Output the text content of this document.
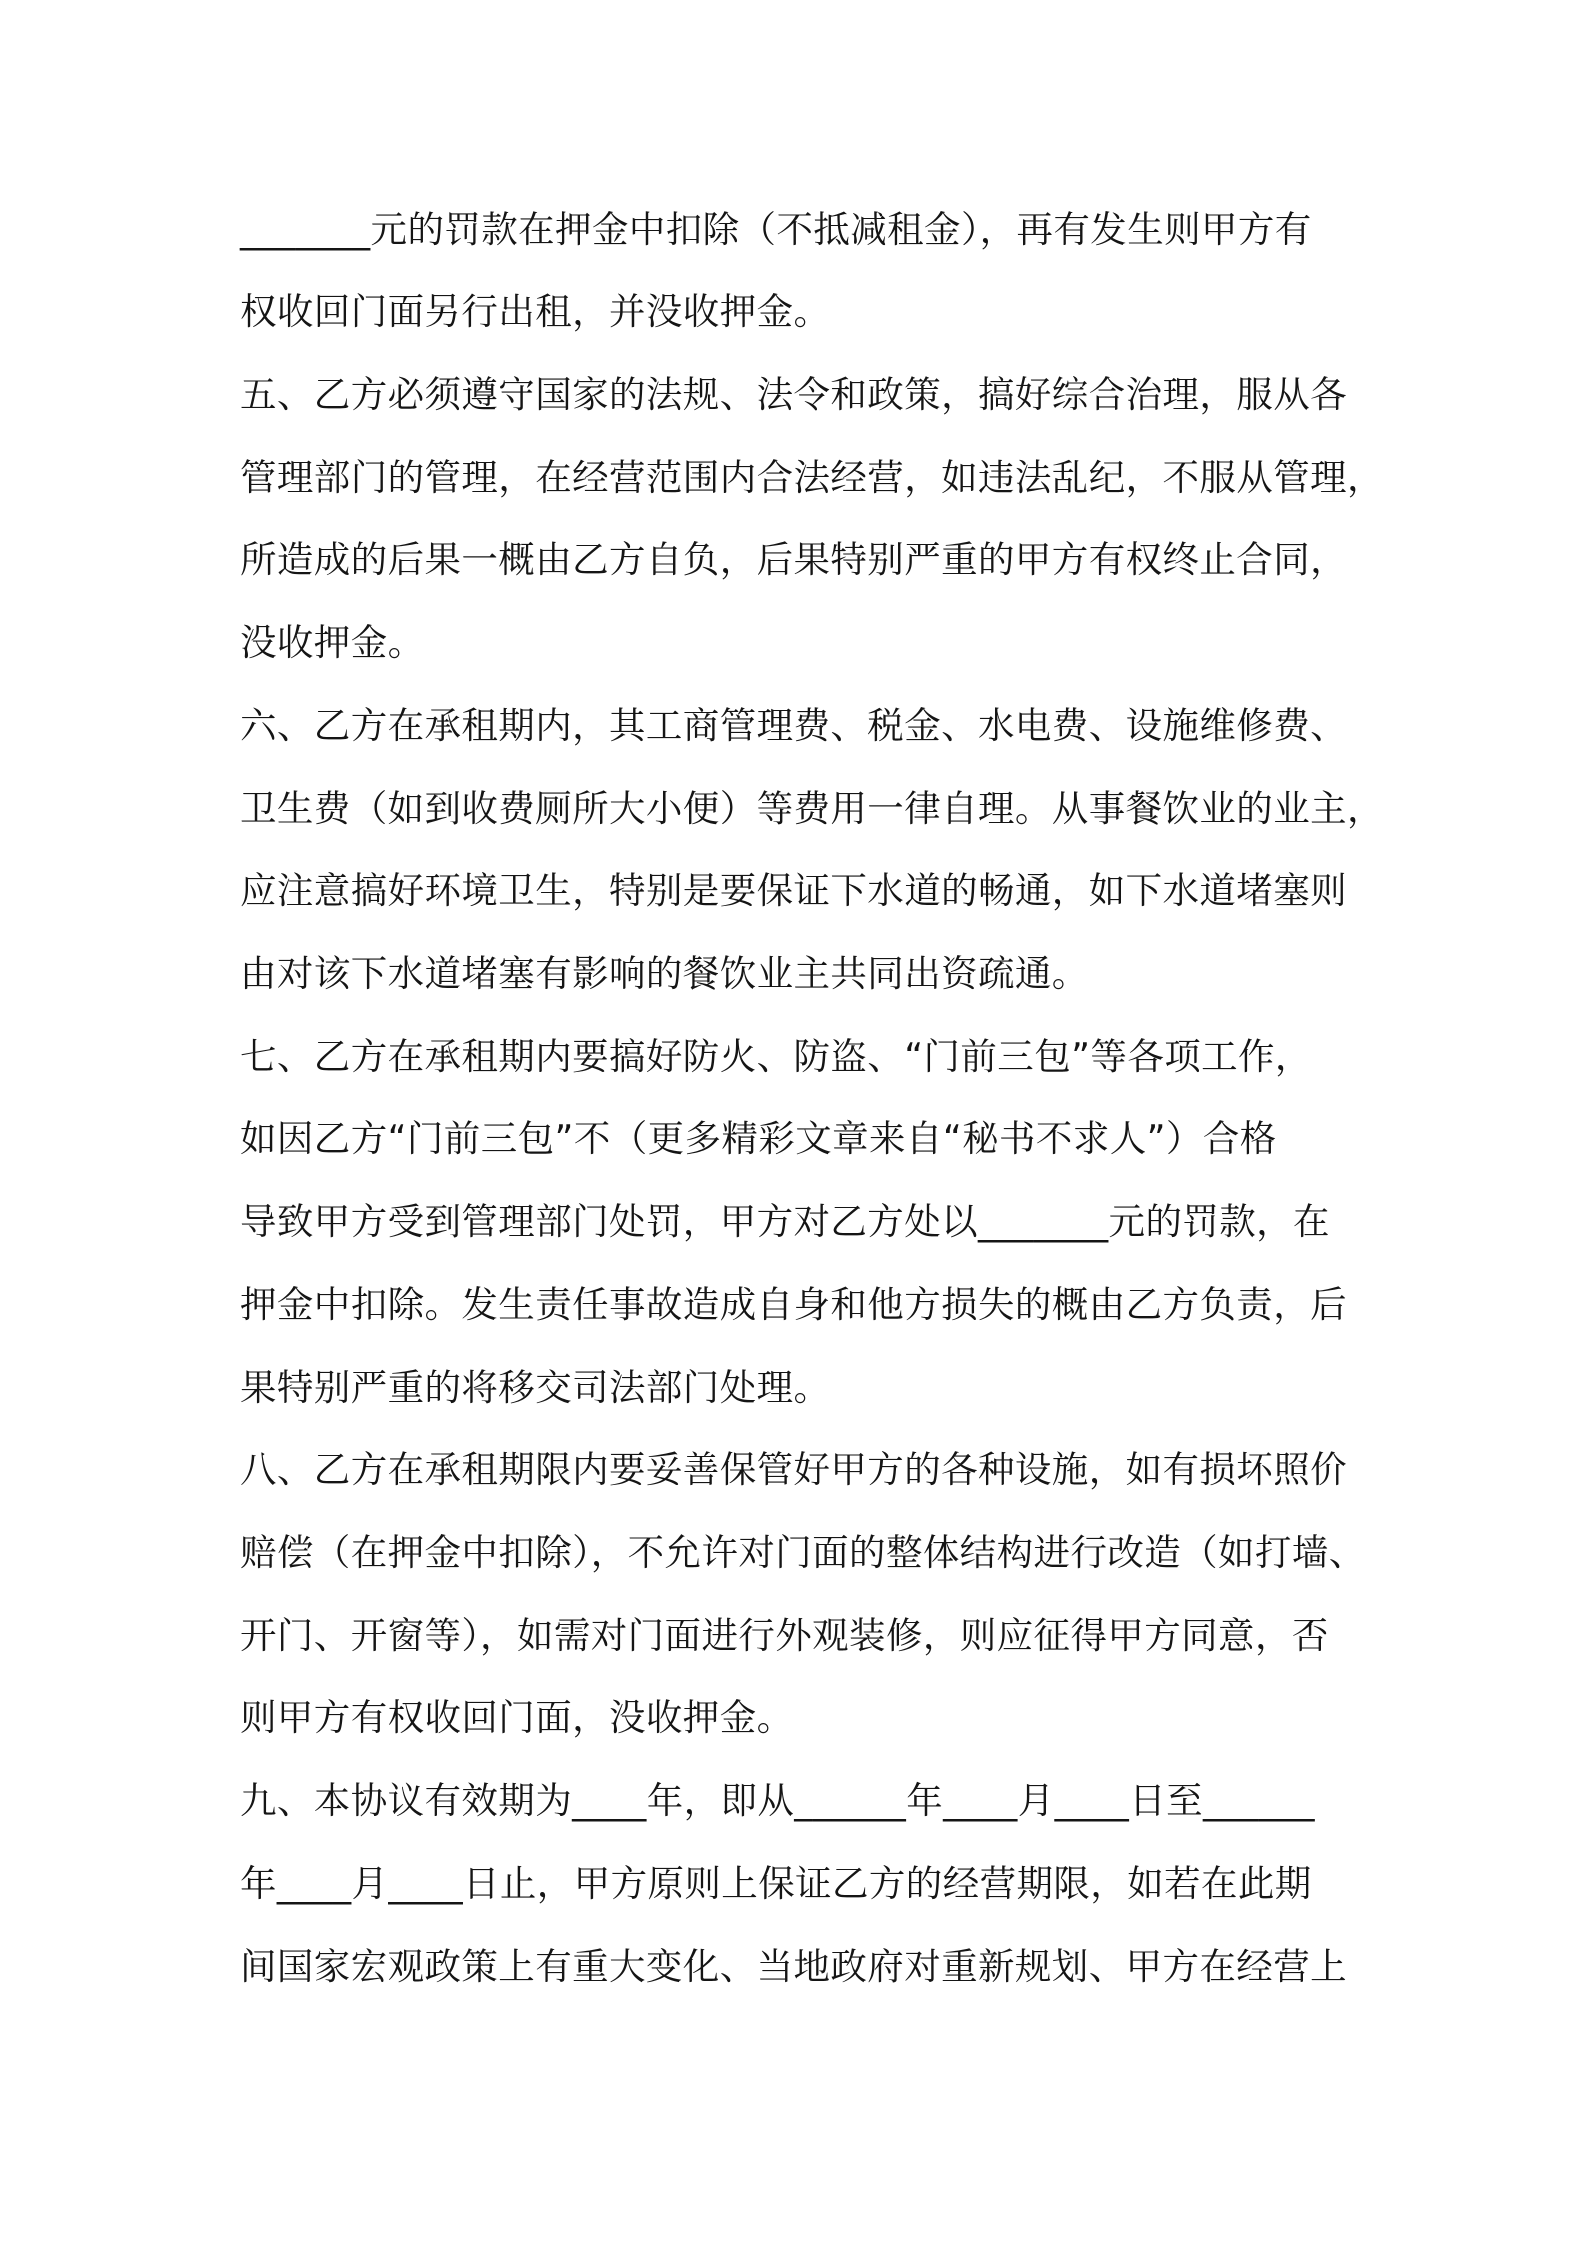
_______元的罚款在押金中扣除（不抵减租金），再有发生则甲方有
权收回门面另行出租，并没收押金。
五、乙方必须遵守国家的法规、法令和政策，搞好综合治理，服从各
管理部门的管理，在经营范围内合法经营，如违法乱纪，不服从管理，
所造成的后果一概由乙方自负，后果特别严重的甲方有权终止合同，
没收押金。
六、乙方在承租期内，其工商管理费、税金、水电费、设施维修费、
卫生费（如到收费厕所大小便）等费用一律自理。从事餐饮业的业主，
应注意搞好环境卫生，特别是要保证下水道的畅通，如下水道堵塞则
由对该下水道堵塞有影响的餐饮业主共同出资疏通。
七、乙方在承租期内要搞好防火、防盗、“门前三包”等各项工作，
如因乙方“门前三包”不（更多精彩文章来自“秘书不求人”）合格
导致甲方受到管理部门处罚，甲方对乙方处以_______元的罚款，在
押金中扣除。发生责任事故造成自身和他方损失的概由乙方负责，后
果特别严重的将移交司法部门处理。
八、乙方在承租期限内要妥善保管好甲方的各种设施，如有损坏照价
赔偿（在押金中扣除），不允许对门面的整体结构进行改造（如打墙、
开门、开窗等），如需对门面进行外观装修，则应征得甲方同意，否
则甲方有权收回门面，没收押金。
九、本协议有效期为____年，即从______年____月____日至______
年____月____日止，甲方原则上保证乙方的经营期限，如若在此期
间国家宏观政策上有重大变化、当地政府对重新规划、甲方在经营上
